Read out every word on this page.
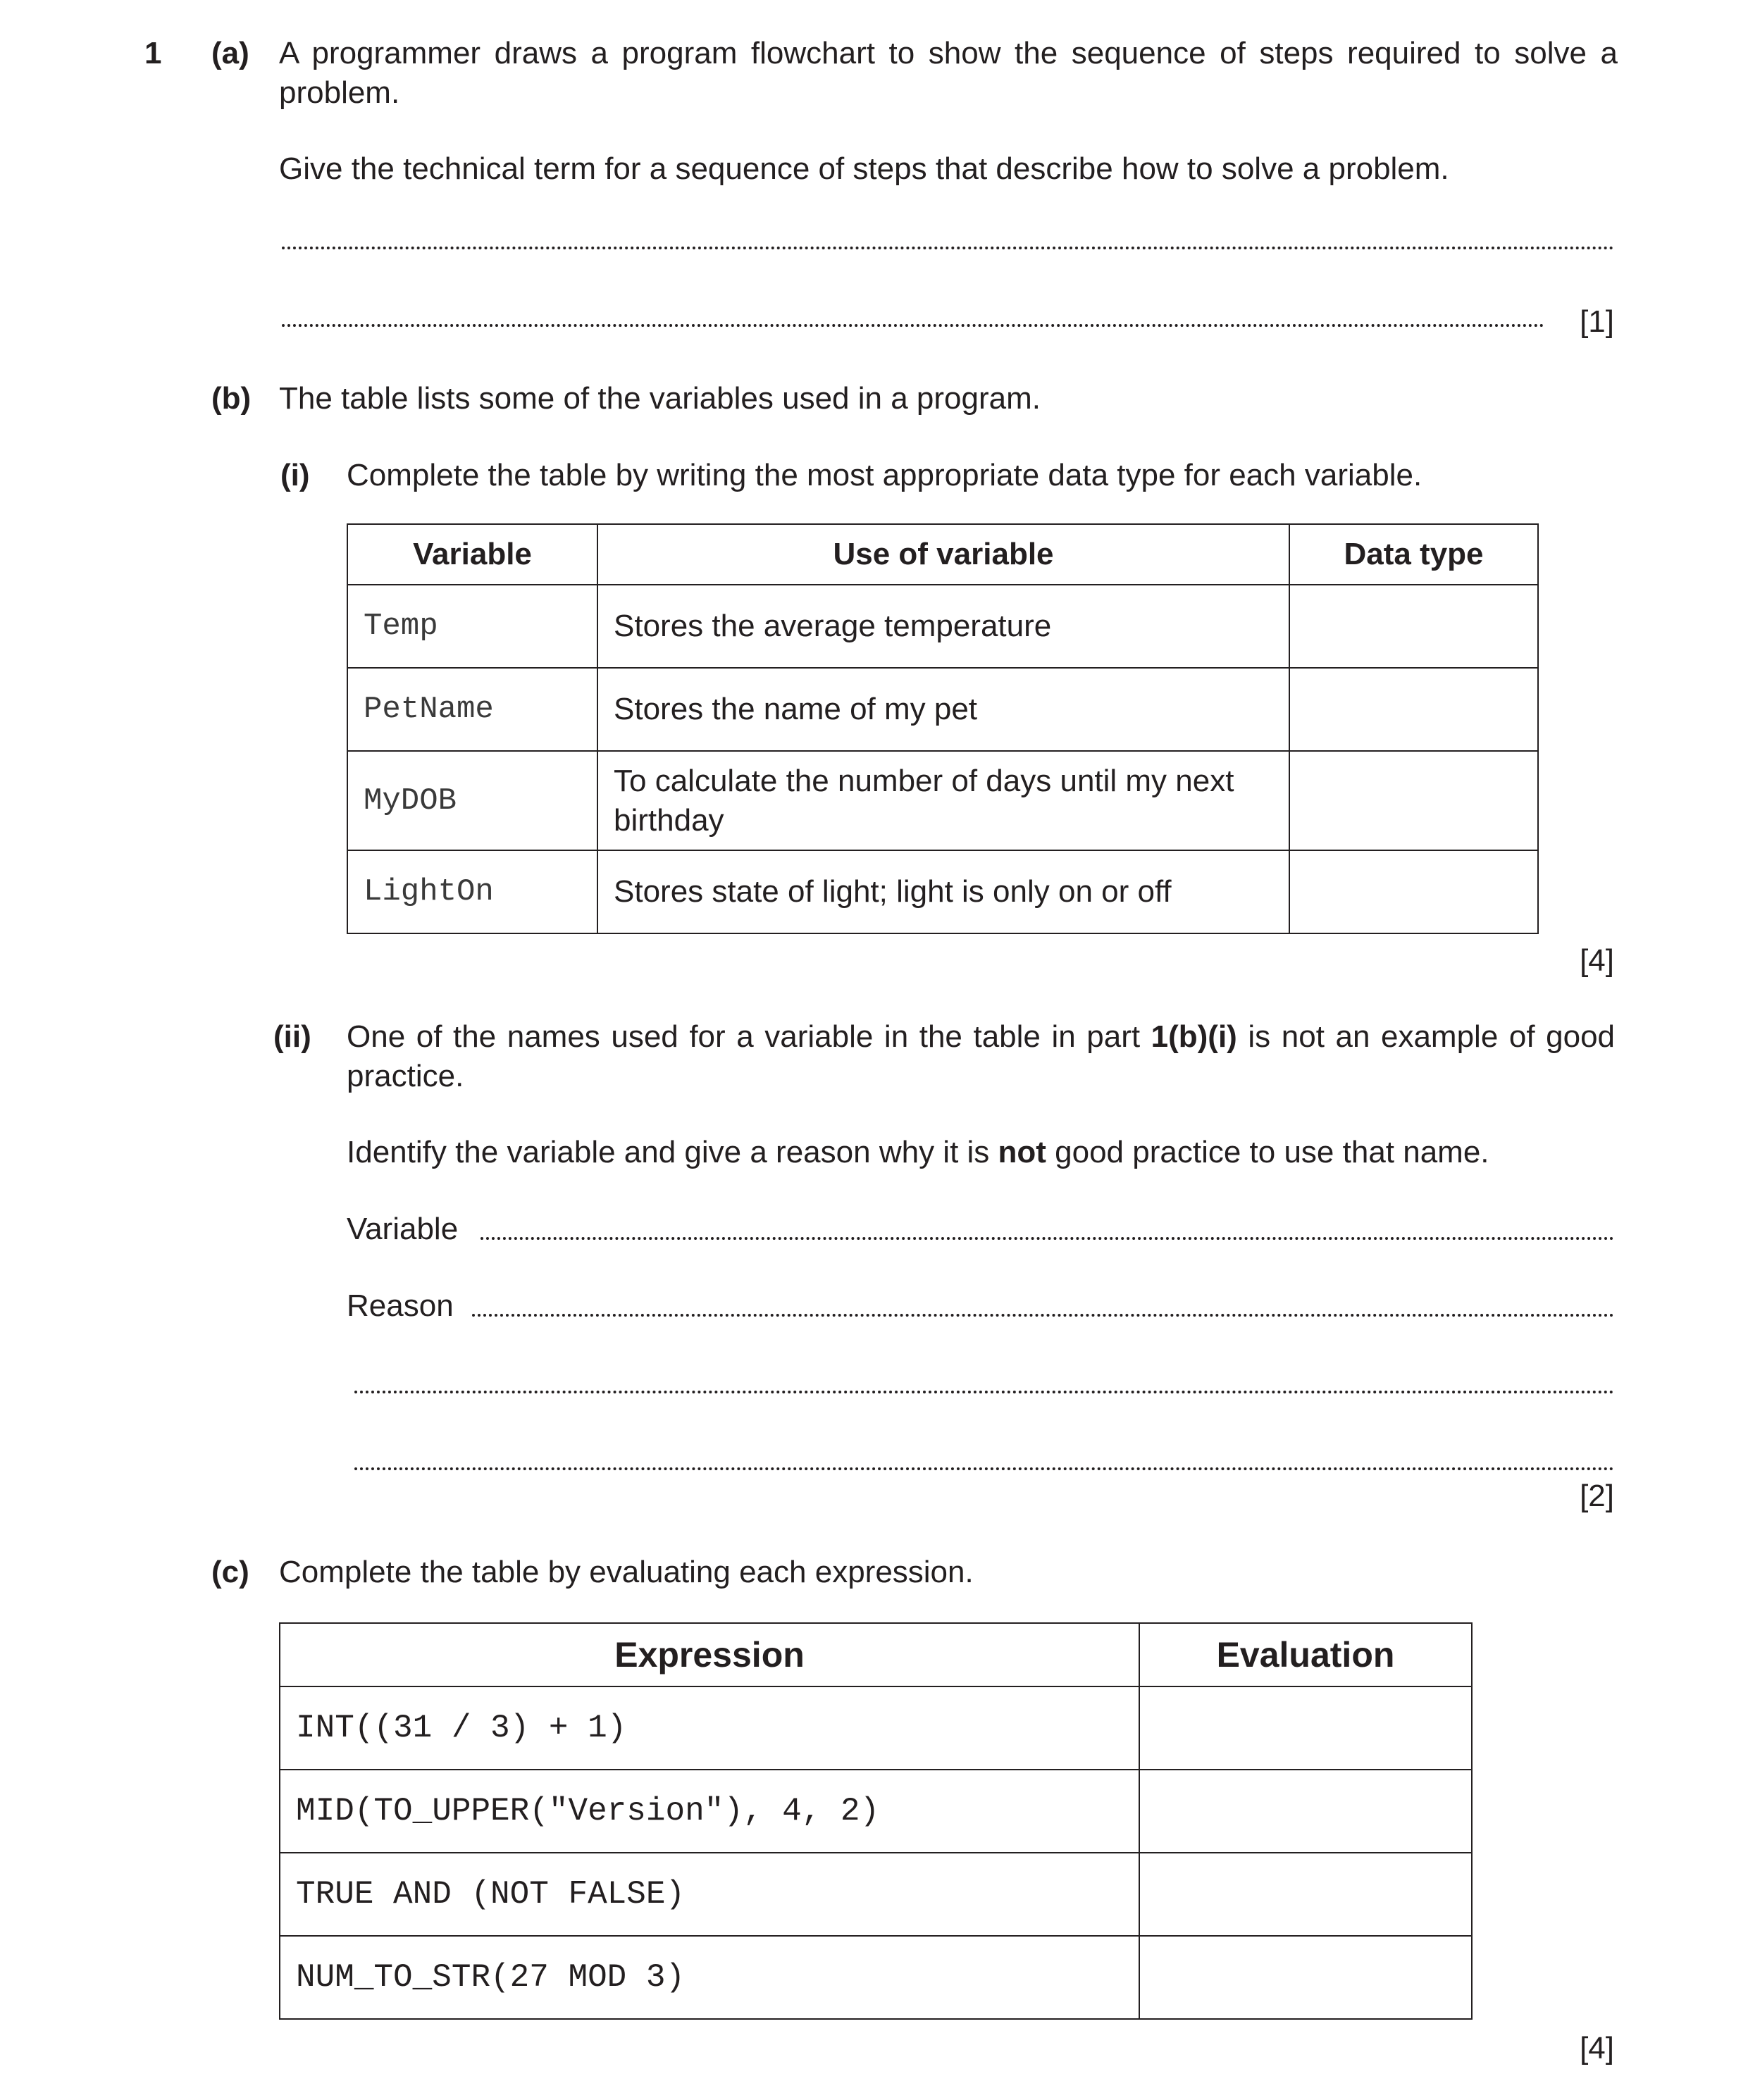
1 (a) A programmer draws a program flowchart to show the sequence of steps required to solve a problem.
Give the technical term for a sequence of steps that describe how to solve a problem.
[1]
(b) The table lists some of the variables used in a program.
(i) Complete the table by writing the most appropriate data type for each variable.
Variable	Use of variable	Data type
Temp	Stores the average temperature	
PetName	Stores the name of my pet	
MyDOB	To calculate the number of days until my next birthday	
LightOn	Stores state of light; light is only on or off	
[4]
(ii) One of the names used for a variable in the table in part 1(b)(i) is not an example of good practice.
Identify the variable and give a reason why it is not good practice to use that name.
Variable
Reason
[2]
(c) Complete the table by evaluating each expression.
Expression	Evaluation
INT((31 / 3) + 1)	
MID(TO_UPPER("Version"), 4, 2)	
TRUE AND (NOT FALSE)	
NUM_TO_STR(27 MOD 3)	
[4]
